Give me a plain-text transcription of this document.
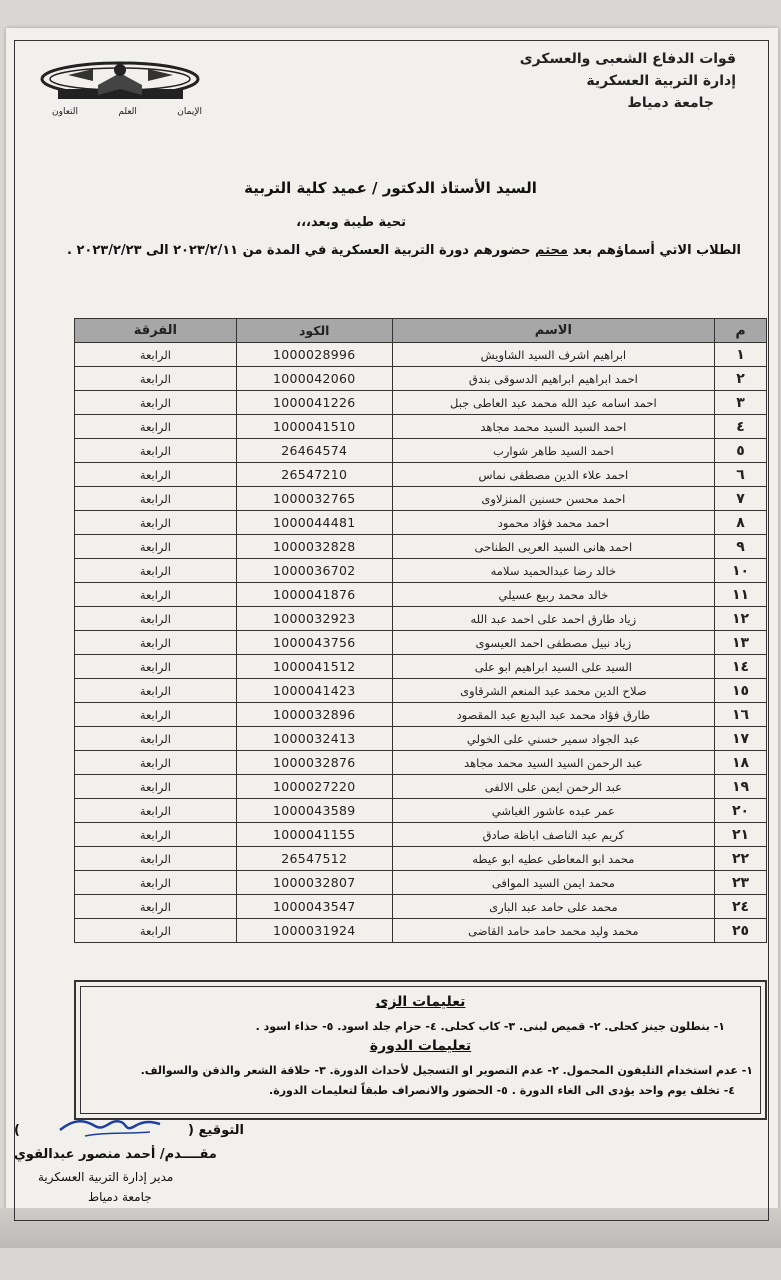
قوات الدفاع الشعبى والعسكرى
إدارة التربية العسكرية
جامعة دمياط
الإيمان
العلم
التعاون
السيد الأستاذ الدكتور / عميد كلية التربية
تحية طيبة وبعد،،،
الطلاب الاتي أسماؤهم بعد محتم حضورهم دورة التربية العسكرية في المدة من ٢٠٢٣/٢/١١ الى ٢٠٢٣/٢/٢٣ .
م	الاسم	الكود	الفرقة
١	ابراهيم اشرف السيد الشاويش	1000028996	الرابعة
٢	احمد ابراهيم ابراهيم الدسوقى بندق	1000042060	الرابعة
٣	احمد اسامه عبد الله محمد عبد العاطى جبل	1000041226	الرابعة
٤	احمد السيد السيد محمد مجاهد	1000041510	الرابعة
٥	احمد السيد طاهر شوارب	26464574	الرابعة
٦	احمد علاء الدين مصطفى نماس	26547210	الرابعة
٧	احمد محسن حسنين المنزلاوى	1000032765	الرابعة
٨	احمد محمد فؤاد محمود	1000044481	الرابعة
٩	احمد هانى السيد العربى الطناحى	1000032828	الرابعة
١٠	خالد رضا عبدالحميد سلامه	1000036702	الرابعة
١١	خالد محمد ربيع عسيلي	1000041876	الرابعة
١٢	زياد طارق احمد على احمد عبد الله	1000032923	الرابعة
١٣	زياد نبيل مصطفى احمد العيسوى	1000043756	الرابعة
١٤	السيد على السيد ابراهيم ابو على	1000041512	الرابعة
١٥	صلاح الدين محمد عبد المنعم الشرقاوى	1000041423	الرابعة
١٦	طارق فؤاد محمد عبد البديع عبد المقصود	1000032896	الرابعة
١٧	عبد الجواد سمير حسني على الخولي	1000032413	الرابعة
١٨	عبد الرحمن السيد السيد محمد مجاهد	1000032876	الرابعة
١٩	عبد الرحمن ايمن على الالفى	1000027220	الرابعة
٢٠	عمر عبده عاشور الغباشي	1000043589	الرابعة
٢١	كريم عبد الناصف اباظة صادق	1000041155	الرابعة
٢٢	محمد ابو المعاطى عطيه ابو عيطه	26547512	الرابعة
٢٣	محمد ايمن السيد الموافى	1000032807	الرابعة
٢٤	محمد على حامد عبد البارى	1000043547	الرابعة
٢٥	محمد وليد محمد حامد حامد القاضى	1000031924	الرابعة
تعليمات الزى
١- بنطلون جينز كحلى. ٢- قميص لبنى. ٣- كاب كحلى. ٤- حزام جلد اسود. ٥- حذاء اسود .
تعليمات الدورة
١- عدم استخدام التليفون المحمول. ٢- عدم التصوير او التسجيل لأحداث الدورة. ٣- حلاقة الشعر والذقن والسوالف.
٤- تخلف يوم واحد يؤدى الى الغاء الدورة . ٥- الحضور والانصراف طبقاً لتعليمات الدورة.
التوقيع (
)
مقــــدم/ أحمد منصور عبدالقوي
مدير إدارة التربية العسكرية
جامعة دمياط
